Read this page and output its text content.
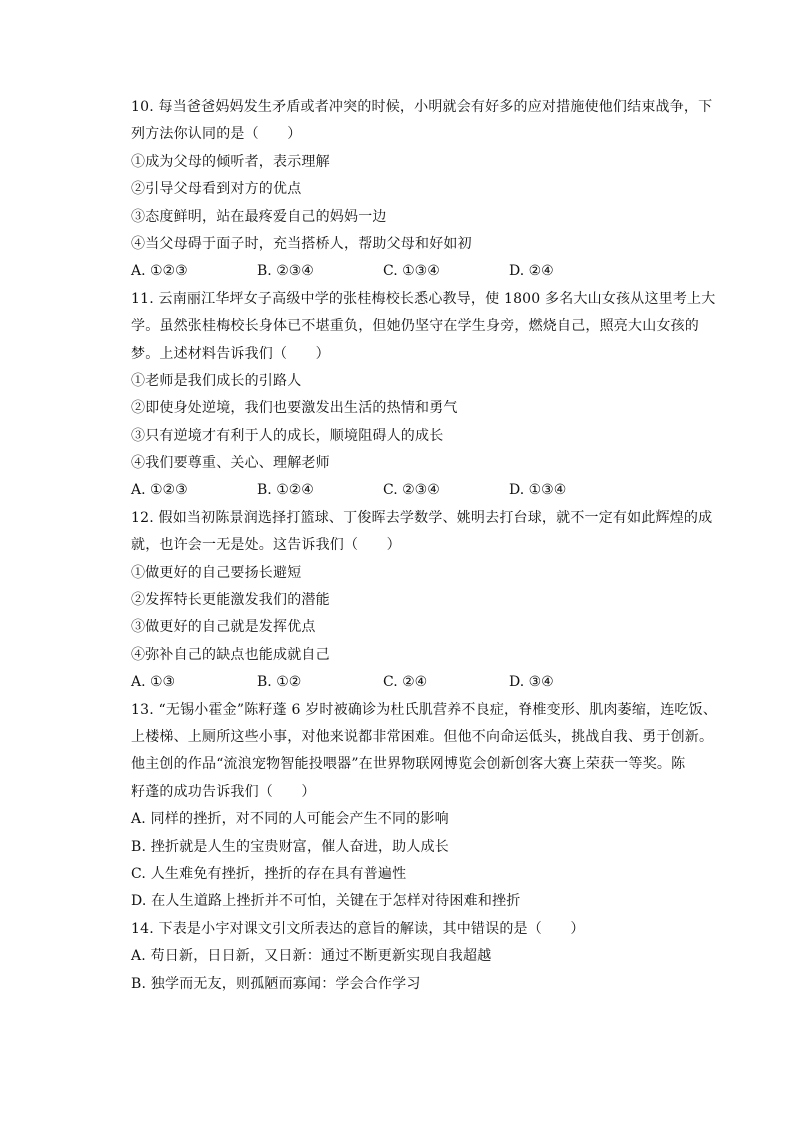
10. 每当爸爸妈妈发生矛盾或者冲突的时候，小明就会有好多的应对措施使他们结束战争，下
列方法你认同的是（　　）
①成为父母的倾听者，表示理解
②引导父母看到对方的优点
③态度鲜明，站在最疼爱自己的妈妈一边
④当父母碍于面子时，充当搭桥人，帮助父母和好如初
A. ①②③	B. ②③④	C. ①③④	D. ②④
11. 云南丽江华坪女子高级中学的张桂梅校长悉心教导，使 1800 多名大山女孩从这里考上大
学。虽然张桂梅校长身体已不堪重负，但她仍坚守在学生身旁，燃烧自己，照亮大山女孩的
梦。上述材料告诉我们（　　）
①老师是我们成长的引路人
②即使身处逆境，我们也要激发出生活的热情和勇气
③只有逆境才有利于人的成长，顺境阻碍人的成长
④我们要尊重、关心、理解老师
A. ①②③	B. ①②④	C. ②③④	D. ①③④
12. 假如当初陈景润选择打篮球、丁俊晖去学数学、姚明去打台球，就不一定有如此辉煌的成
就，也许会一无是处。这告诉我们（　　）
①做更好的自己要扬长避短
②发挥特长更能激发我们的潜能
③做更好的自己就是发挥优点
④弥补自己的缺点也能成就自己
A. ①③	B. ①②	C. ②④	D. ③④
13. “无锡小霍金”陈籽蓬 6 岁时被确诊为杜氏肌营养不良症，脊椎变形、肌肉萎缩，连吃饭、
上楼梯、上厕所这些小事，对他来说都非常困难。但他不向命运低头，挑战自我、勇于创新。
他主创的作品“流浪宠物智能投喂器”在世界物联网博览会创新创客大赛上荣获一等奖。陈
籽蓬的成功告诉我们（　　）
A. 同样的挫折，对不同的人可能会产生不同的影响
B. 挫折就是人生的宝贵财富，催人奋进，助人成长
C. 人生难免有挫折，挫折的存在具有普遍性
D. 在人生道路上挫折并不可怕，关键在于怎样对待困难和挫折
14. 下表是小宇对课文引文所表达的意旨的解读，其中错误的是（　　）
A. 苟日新，日日新，又日新：通过不断更新实现自我超越
B. 独学而无友，则孤陋而寡闻：学会合作学习
